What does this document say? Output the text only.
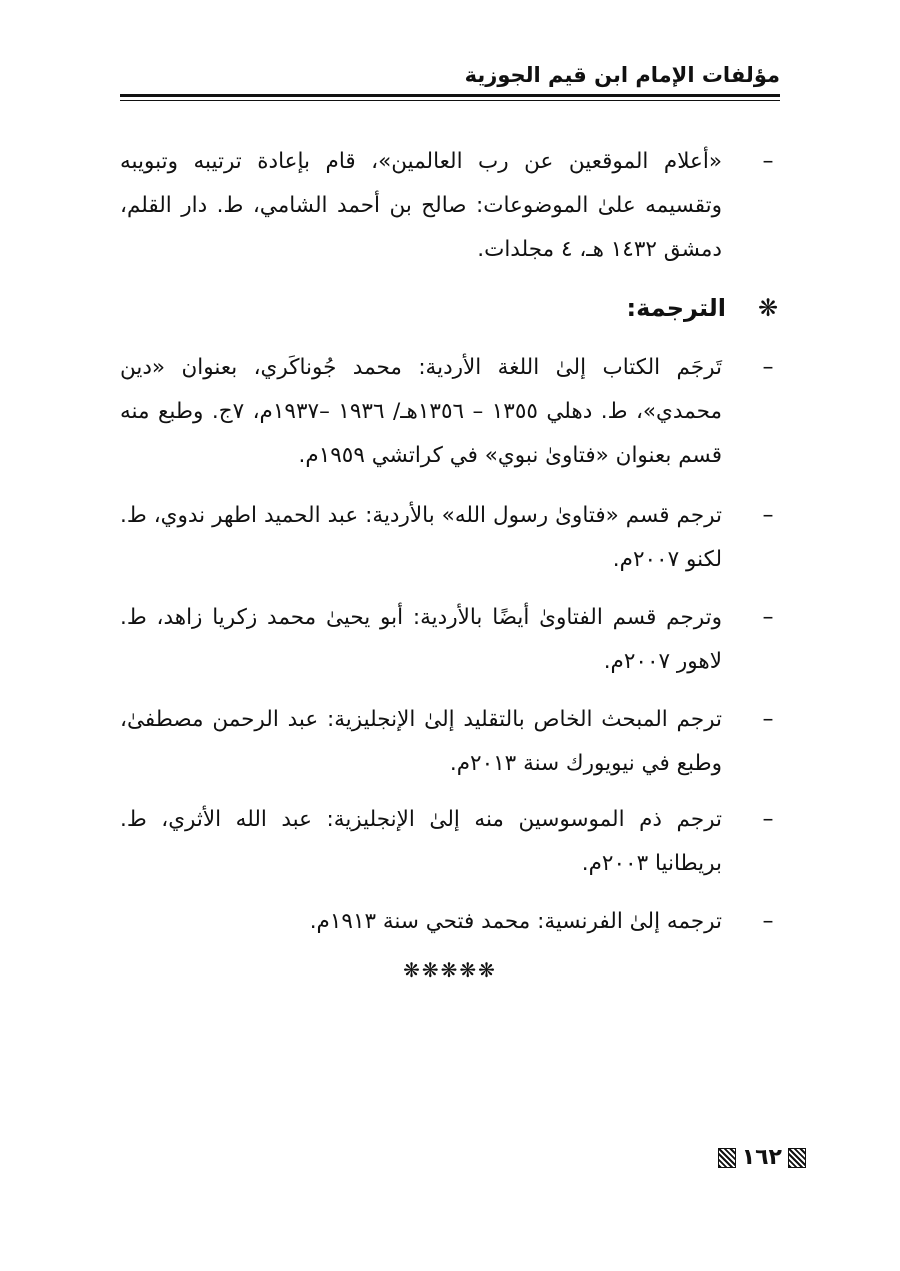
مؤلفات الإمام ابن قيم الجوزية
–
«أعلام الموقعين عن رب العالمين»، قام بإعادة ترتيبه وتبويبه وتقسيمه علىٰ الموضوعات: صالح بن أحمد الشامي، ط. دار القلم، دمشق ١٤٣٢ هـ، ٤ مجلدات.
❋الترجمة:
–
تَرجَم الكتاب إلىٰ اللغة الأردية: محمد جُوناكَري، بعنوان «دين محمدي»، ط. دهلي ١٣٥٥ – ١٣٥٦هـ/ ١٩٣٦ –١٩٣٧م، ٧ج. وطبع منه قسم بعنوان «فتاوىٰ نبوي» في كراتشي ١٩٥٩م.
–
ترجم قسم «فتاوىٰ رسول الله» بالأردية: عبد الحميد اطهر ندوي، ط. لكنو ٢٠٠٧م.
–
وترجم قسم الفتاوىٰ أيضًا بالأردية: أبو يحيىٰ محمد زكريا زاهد، ط. لاهور ٢٠٠٧م.
–
ترجم المبحث الخاص بالتقليد إلىٰ الإنجليزية: عبد الرحمن مصطفىٰ، وطبع في نيويورك سنة ٢٠١٣م.
–
ترجم ذم الموسوسين منه إلىٰ الإنجليزية: عبد الله الأثري، ط. بريطانيا ٢٠٠٣م.
–
ترجمه إلىٰ الفرنسية: محمد فتحي سنة ١٩١٣م.
❋❋❋❋❋
١٦٢
